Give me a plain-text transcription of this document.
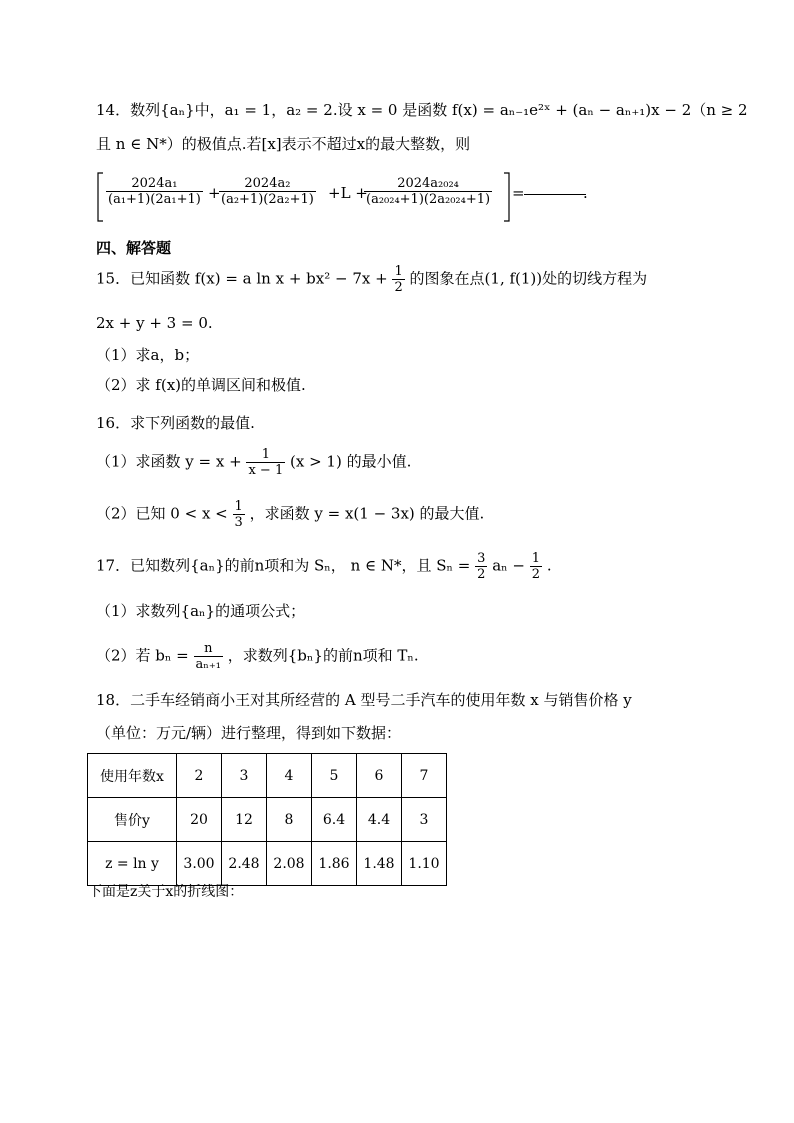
14．数列{aₙ}中，a₁ = 1，a₂ = 2.设 x = 0 是函数 f(x) = aₙ₋₁e²ˣ + (aₙ − aₙ₊₁)x − 2（n ≥ 2
且 n ∈ N*）的极值点.若[x]表示不超过x的最大整数，则
$\frac{\text{2024a₁}}{\text{(a₁+1)(2a₁+1)}}$ +
$\frac{\text{2024a₂}}{\text{(a₂+1)(2a₂+1)}} +L$ +
$\frac{\text{2024a₂₀₂₄}}{\text{(a₂₀₂₄+1)(2a₂₀₂₄+1)}}$ =	.
四、解答题
15．已知函数 f(x) = a $\ln x + bx^2 - 7x + \frac{1}{2}$ 的图象在点(1, f(1))处的切线方程为
2x + y + 3 = 0.
（1）求a，b；
（2）求 f(x)的单调区间和极值.
16．求下列函数的最值.
（1）求函数 $y = x + \frac{1}{x - 1} (x > 1)$ 的最小值.
（2）已知 $0 < x < \frac{1}{3}$ ，求函数 y = x(1 − 3x) 的最大值.
17．已知数列{aₙ}的前n项和为 Sₙ， n ∈ N*，且 $S_n = \frac{3}{2}$ $a_n - \frac{1}{2}$ .
（1）求数列{aₙ}的通项公式；
（2）若 $b_n = \frac{n}{\text{aₙ₊₁}}$ ，求数列{bₙ}的前n项和 Tₙ.
18．二手车经销商小王对其所经营的 A 型号二手汽车的使用年数 x 与销售价格 y
（单位：万元/辆）进行整理，得到如下数据：
使用年数x	2	3	4	5	6	7
售价y	20	12	8	6.4	4.4	3
z = ln y	3.00	2.48	2.08	1.86	1.48	1.10
下面是z关于x的折线图：
